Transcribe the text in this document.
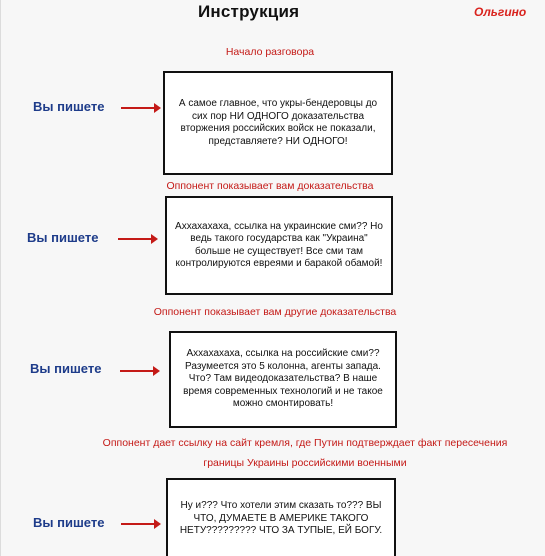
Инструкция	Ольгино
Начало разговора
Вы пишете	А самое главное, что укры-бендеровцы до сих пор НИ ОДНОГО доказательства вторжения российских войск не показали, представляете? НИ ОДНОГО!
Оппонент показывает вам доказательства
Вы пишете
Аххахахаха, ссылка на украинские сми?? Но ведь такого государства как "Украина" больше не существует! Все сми там контролируются евреями и баракой обамой!
Оппонент показывает вам другие доказательства
Вы пишете
Аххахахаха, ссылка на российские сми?? Разумеется это 5 колонна, агенты запада. Что? Там видеодоказательства? В наше время современных технологий и не такое можно смонтировать!
Оппонент дает ссылку на сайт кремля, где Путин подтверждает факт пересечения границы Украины российскими военными
Вы пишете
Ну и??? Что хотели этим сказать то??? ВЫ ЧТО, ДУМАЕТЕ В АМЕРИКЕ ТАКОГО НЕТУ????????? ЧТО ЗА ТУПЫЕ, ЕЙ БОГУ.
